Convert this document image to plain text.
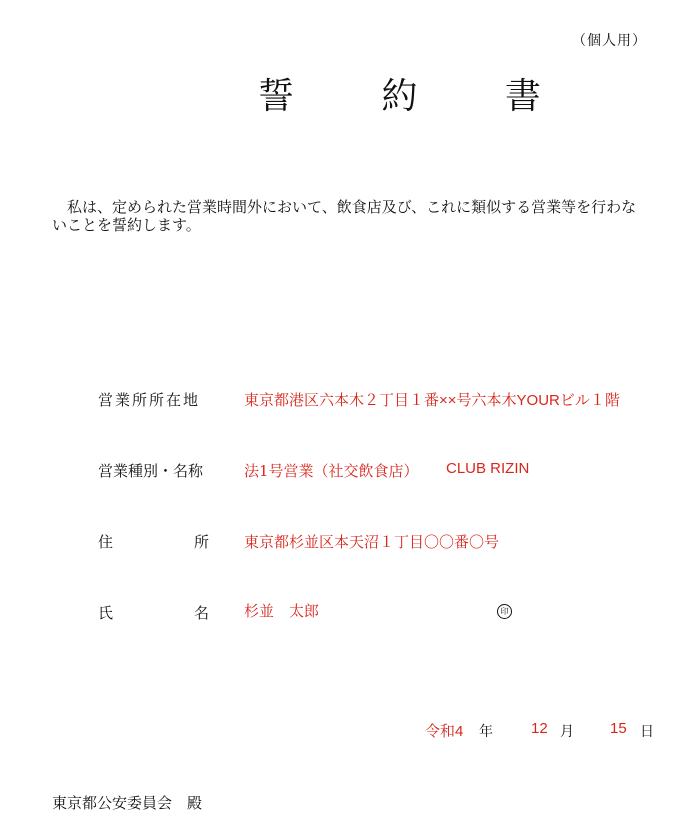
（個人用）
誓 約 書
私は、定められた営業時間外において、飲食店及び、これに類似する営業等を行わないことを誓約します。
営業所所在地	東京都港区六本木２丁目１番××号六本木YOURビル１階
営業種別・名称	法1号営業（社交飲食店） CLUB RIZIN
住	所 東京都杉並区本天沼１丁目〇〇番〇号
氏	名 杉並　太郎	印
令和4 年	12 月 15 日
東京都公安委員会　殿
